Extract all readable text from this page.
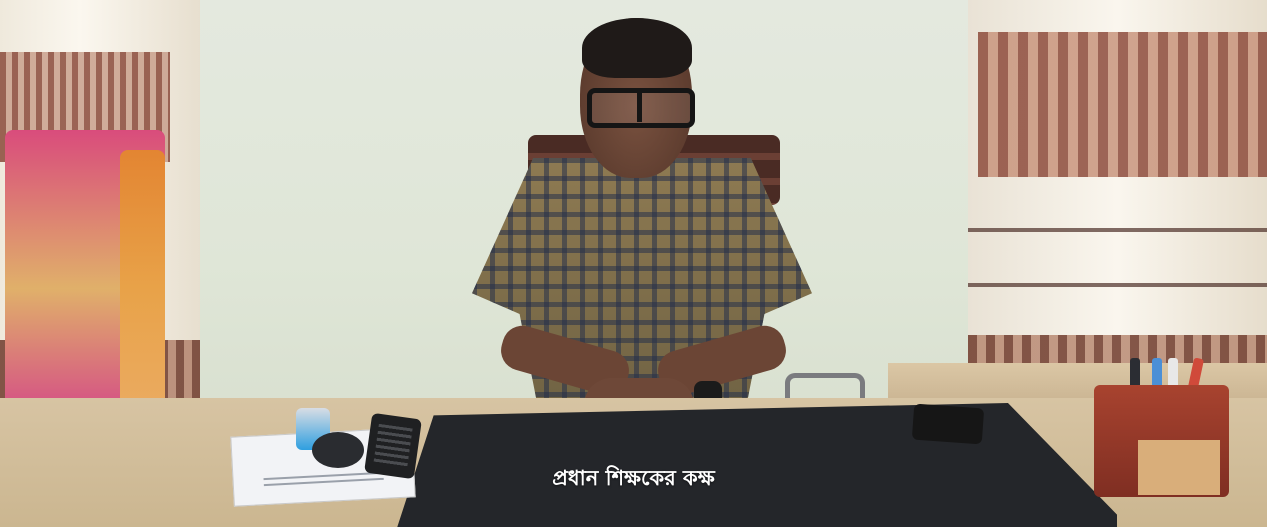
প্রধান শিক্ষকের কক্ষ
